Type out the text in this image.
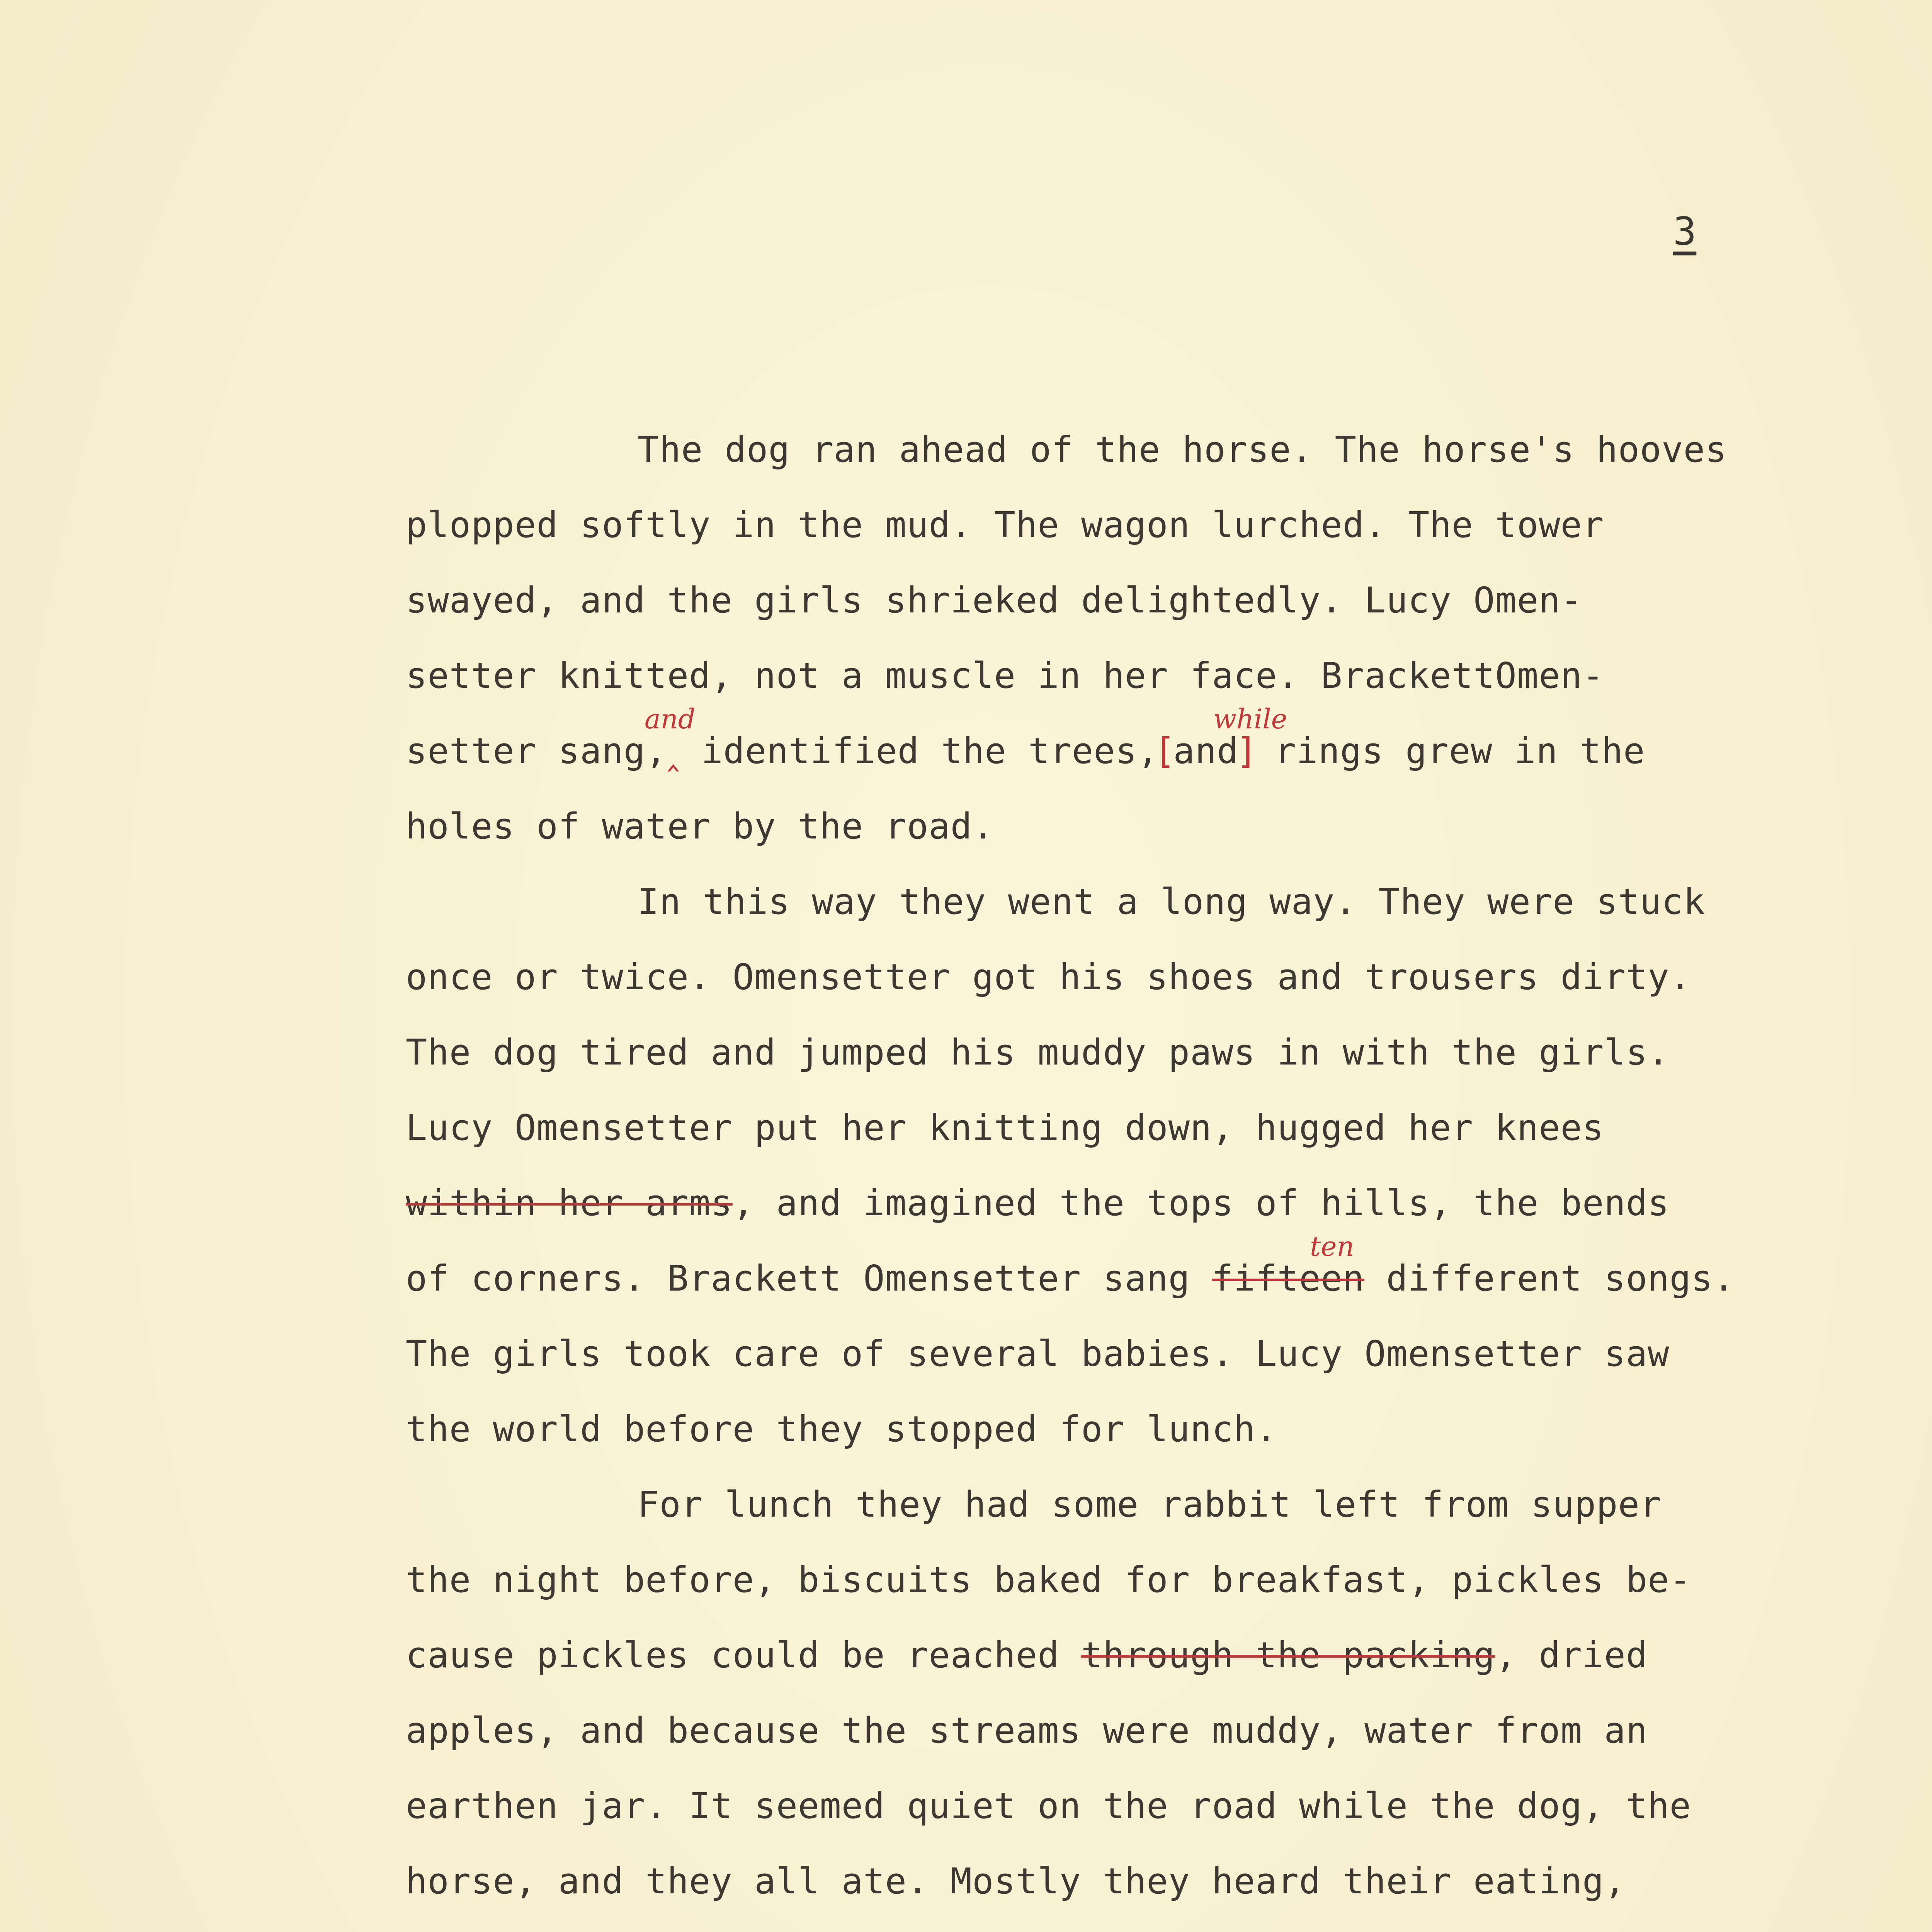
3
The dog ran ahead of the horse. The horse's hooves
plopped softly in the mud. The wagon lurched. The tower
swayed, and the girls shrieked delightedly. Lucy Omen-
setter knitted, not a muscle in her face. BrackettOmen-
and	while
setter sang,‸ identified the trees,[and] rings grew in the
holes of water by the road.
In this way they went a long way. They were stuck
once or twice. Omensetter got his shoes and trousers dirty.
The dog tired and jumped his muddy paws in with the girls.
Lucy Omensetter put her knitting down, hugged her knees
within her arms, and imagined the tops of hills, the bends
ten
of corners. Brackett Omensetter sang fifteen different songs.
The girls took care of several babies. Lucy Omensetter saw
the world before they stopped for lunch.
For lunch they had some rabbit left from supper
the night before, biscuits baked for breakfast, pickles be-
cause pickles could be reached through the packing, dried
apples, and because the streams were muddy, water from an
earthen jar. It seemed quiet on the road while the dog, the
horse, and they all ate. Mostly they heard their eating,
